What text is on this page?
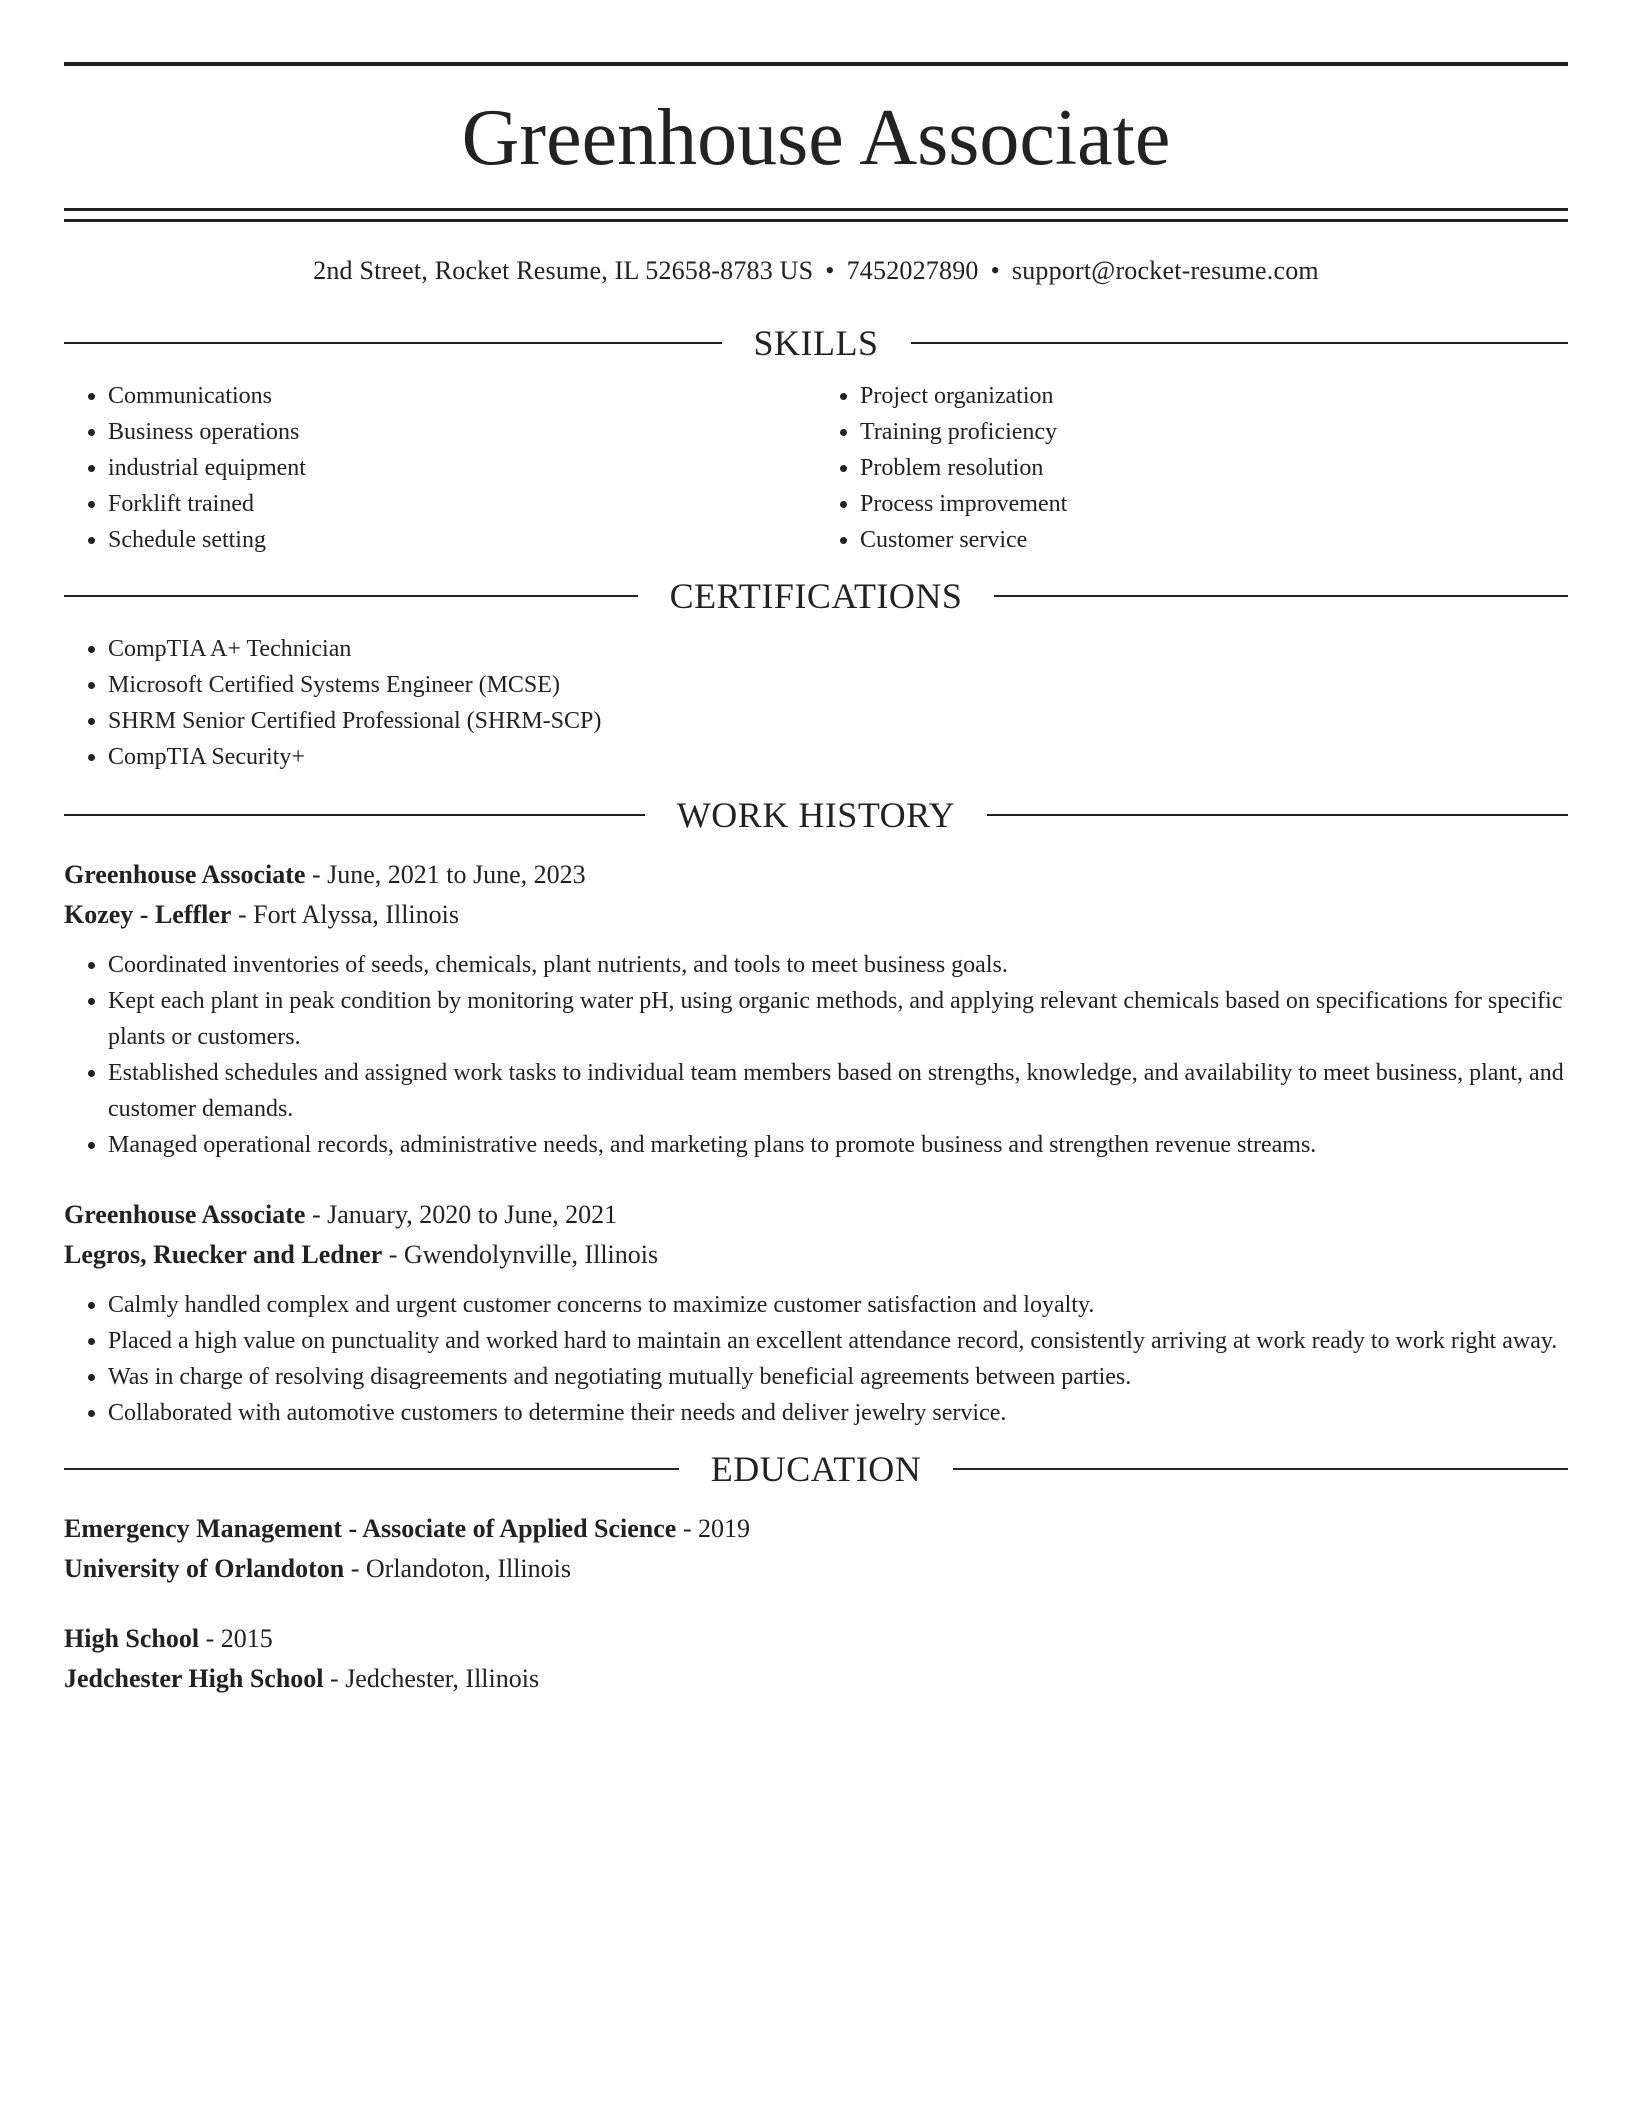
Greenhouse Associate
2nd Street, Rocket Resume, IL 52658-8783 US • 7452027890 • support@rocket-resume.com
SKILLS
• Communications
• Business operations
• industrial equipment
• Forklift trained
• Schedule setting
• Project organization
• Training proficiency
• Problem resolution
• Process improvement
• Customer service
CERTIFICATIONS
• CompTIA A+ Technician
• Microsoft Certified Systems Engineer (MCSE)
• SHRM Senior Certified Professional (SHRM-SCP)
• CompTIA Security+
WORK HISTORY
Greenhouse Associate - June, 2021 to June, 2023
Kozey - Leffler - Fort Alyssa, Illinois
• Coordinated inventories of seeds, chemicals, plant nutrients, and tools to meet business goals.
• Kept each plant in peak condition by monitoring water pH, using organic methods, and applying relevant chemicals based on specifications for specific plants or customers.
• Established schedules and assigned work tasks to individual team members based on strengths, knowledge, and availability to meet business, plant, and customer demands.
• Managed operational records, administrative needs, and marketing plans to promote business and strengthen revenue streams.
Greenhouse Associate - January, 2020 to June, 2021
Legros, Ruecker and Ledner - Gwendolynville, Illinois
• Calmly handled complex and urgent customer concerns to maximize customer satisfaction and loyalty.
• Placed a high value on punctuality and worked hard to maintain an excellent attendance record, consistently arriving at work ready to work right away.
• Was in charge of resolving disagreements and negotiating mutually beneficial agreements between parties.
• Collaborated with automotive customers to determine their needs and deliver jewelry service.
EDUCATION
Emergency Management - Associate of Applied Science - 2019
University of Orlandoton - Orlandoton, Illinois
High School - 2015
Jedchester High School - Jedchester, Illinois
